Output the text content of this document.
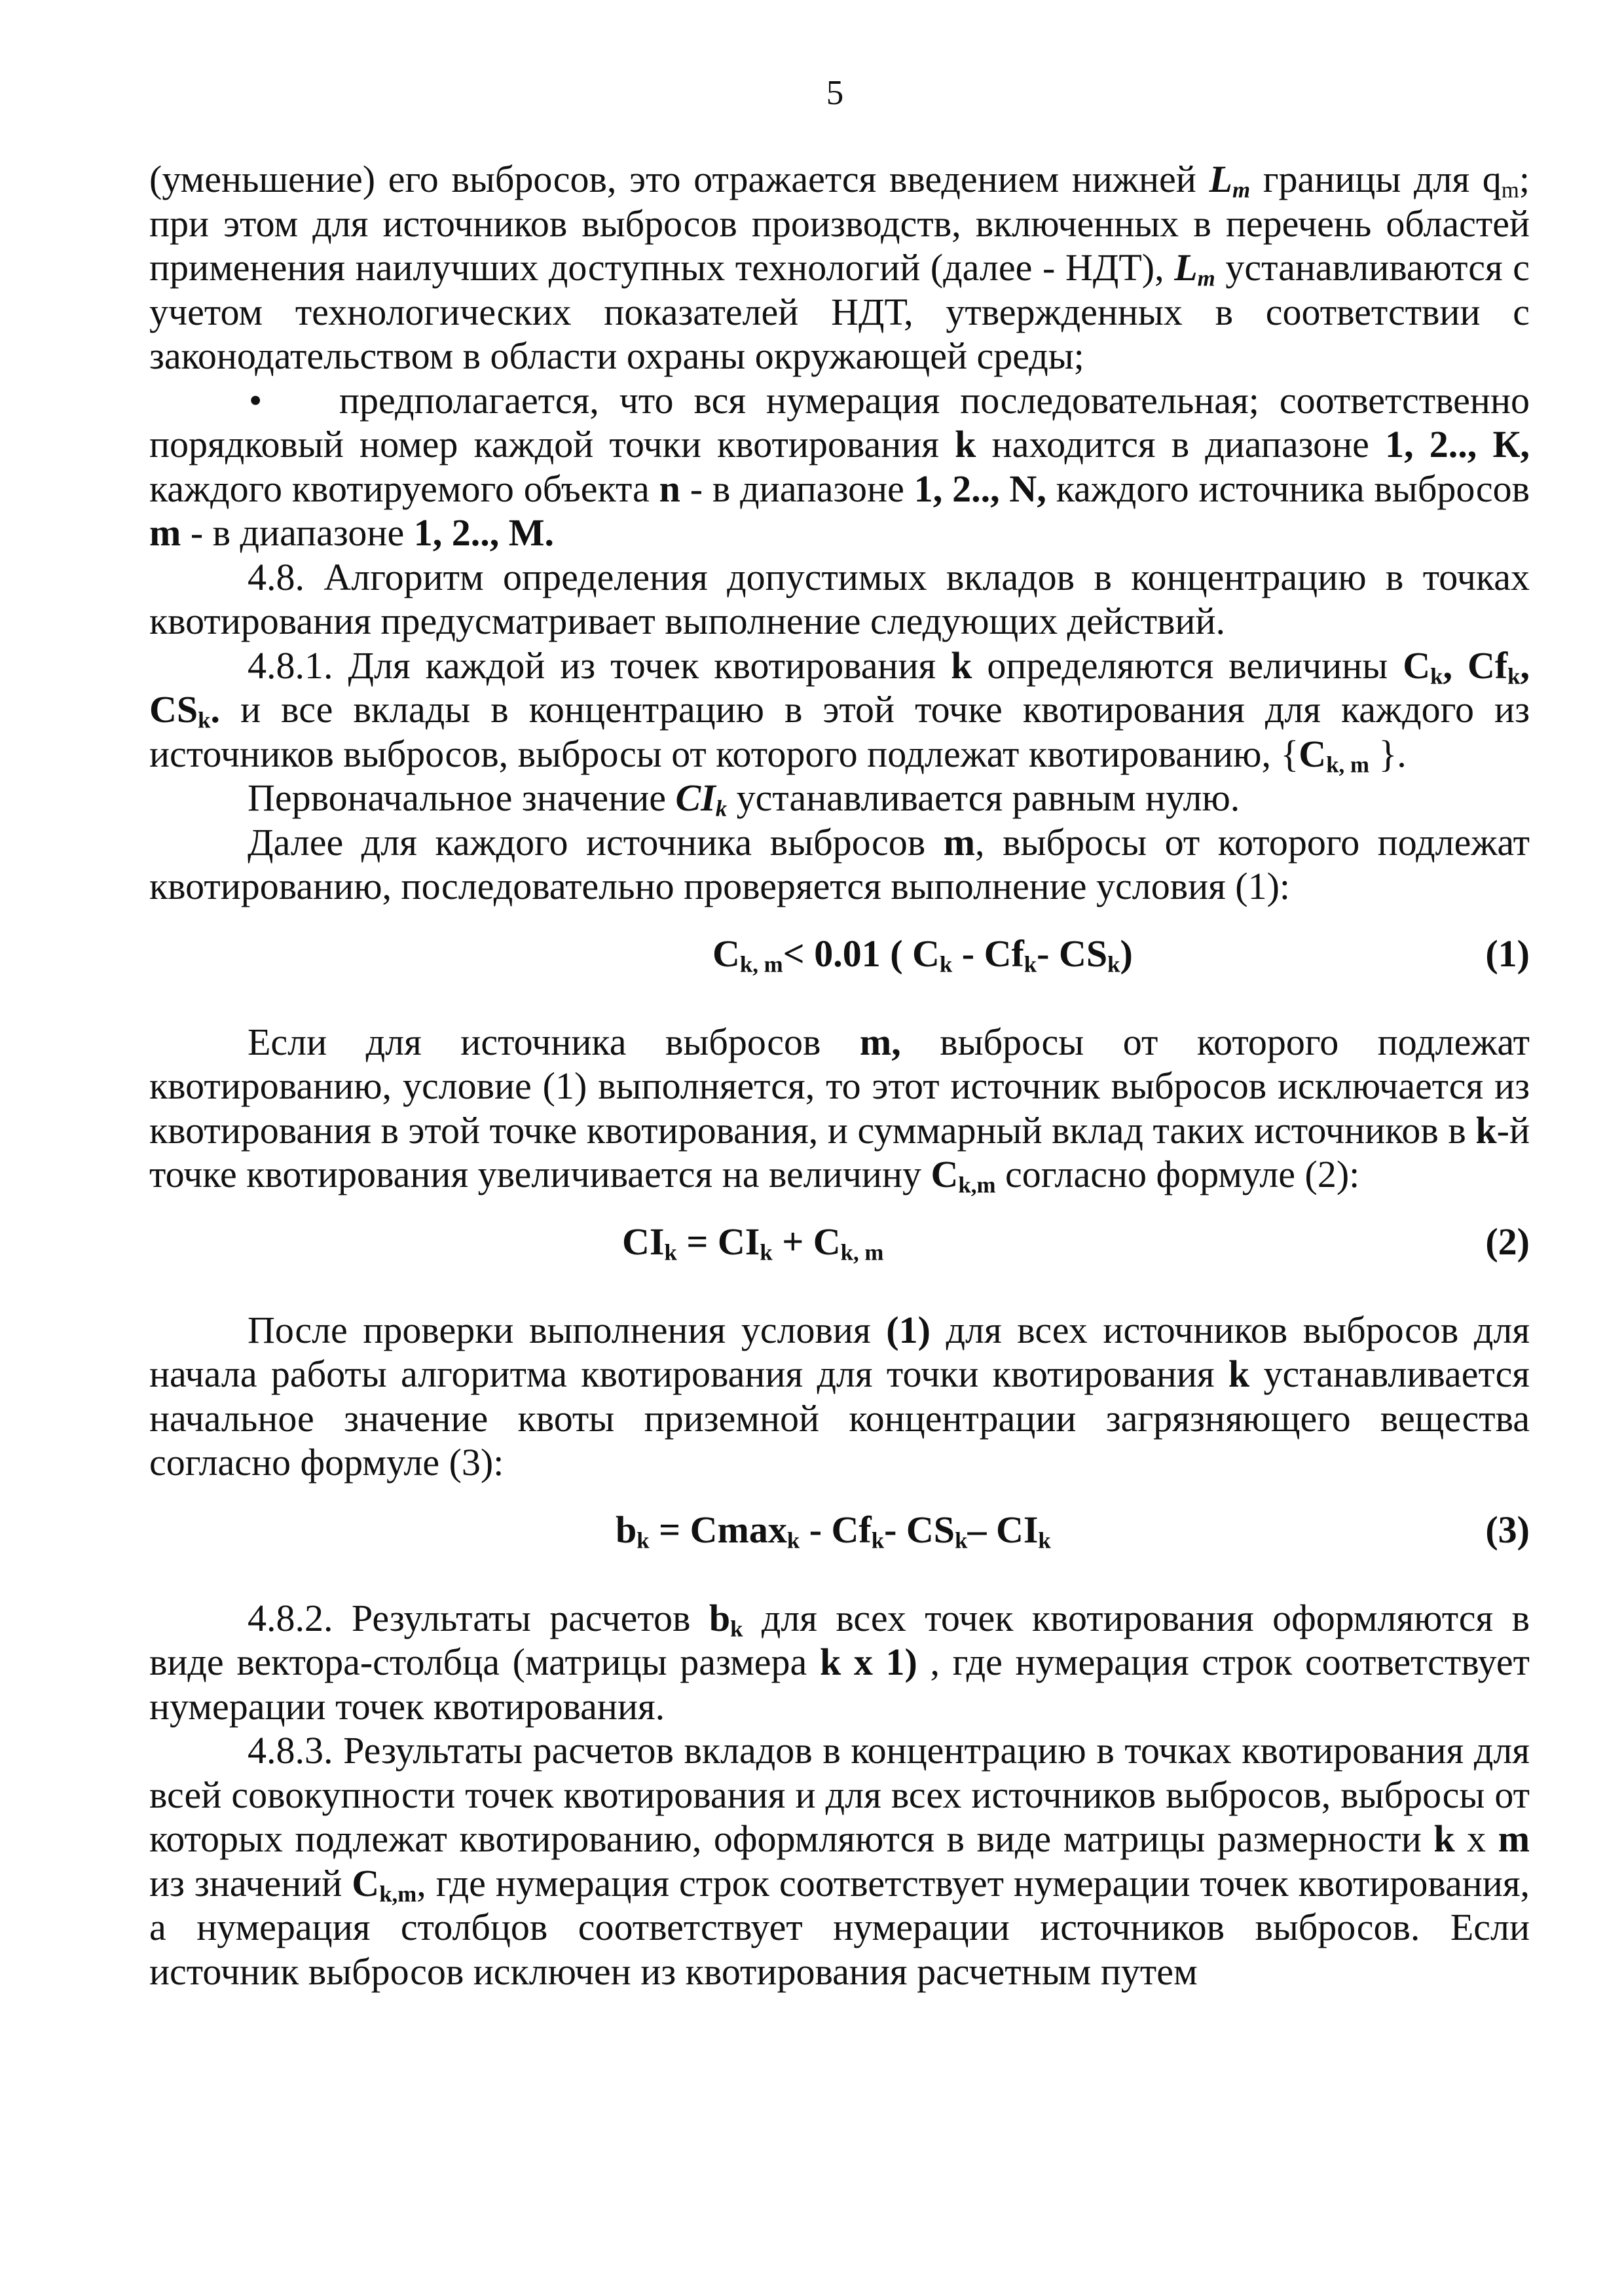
5

(уменьшение) его выбросов, это отражается введением нижней $L_m$ границы для $q_m$; при этом для источников выбросов производств, включенных в перечень областей применения наилучших доступных технологий (далее - НДТ), $L_m$ устанавливаются с учетом технологических показателей НДТ, утвержденных в соответствии с законодательством в области охраны окружающей среды;

• предполагается, что вся нумерация последовательная; соответственно порядковый номер каждой точки квотирования k находится в диапазоне 1, 2.., К, каждого квотируемого объекта n - в диапазоне 1, 2.., N, каждого источника выбросов m - в диапазоне 1, 2.., M.

4.8. Алгоритм определения допустимых вкладов в концентрацию в точках квотирования предусматривает выполнение следующих действий.

4.8.1. Для каждой из точек квотирования k определяются величины $C_k$, $Cf_k$, $CS_k$. и все вклады в концентрацию в этой точке квотирования для каждого из источников выбросов, выбросы от которого подлежат квотированию, {$C_{k, m}$ }.

Первоначальное значение $CI_k$ устанавливается равным нулю.

Далее для каждого источника выбросов m, выбросы от которого подлежат квотированию, последовательно проверяется выполнение условия (1):

$C_{k, m}< 0.01$ ( $C_k - Cf_k-$ $CS_k$)	(1)

Если для источника выбросов m, выбросы от которого подлежат квотированию, условие (1) выполняется, то этот источник выбросов исключается из квотирования в этой точке квотирования, и суммарный вклад таких источников в k-й точке квотирования увеличивается на величину $C_{k,m}$ согласно формуле (2):

$CI_k = CI_k + C_{k, m}$	(2)

После проверки выполнения условия (1) для всех источников выбросов для начала работы алгоритма квотирования для точки квотирования k устанавливается начальное значение квоты приземной концентрации загрязняющего вещества согласно формуле (3):

$b_k = Cmax_k - Cf_k-$ $CS_k-$ $CI_k$	(3)

4.8.2. Результаты расчетов $b_k$ для всех точек квотирования оформляются в виде вектора-столбца (матрицы размера k x 1) , где нумерация строк соответствует нумерации точек квотирования.

4.8.3. Результаты расчетов вкладов в концентрацию в точках квотирования для всей совокупности точек квотирования и для всех источников выбросов, выбросы от которых подлежат квотированию, оформляются в виде матрицы размерности k x m из значений $C_{k,m}$, где нумерация строк соответствует нумерации точек квотирования, а нумерация столбцов соответствует нумерации источников выбросов. Если источник выбросов исключен из квотирования расчетным путем
